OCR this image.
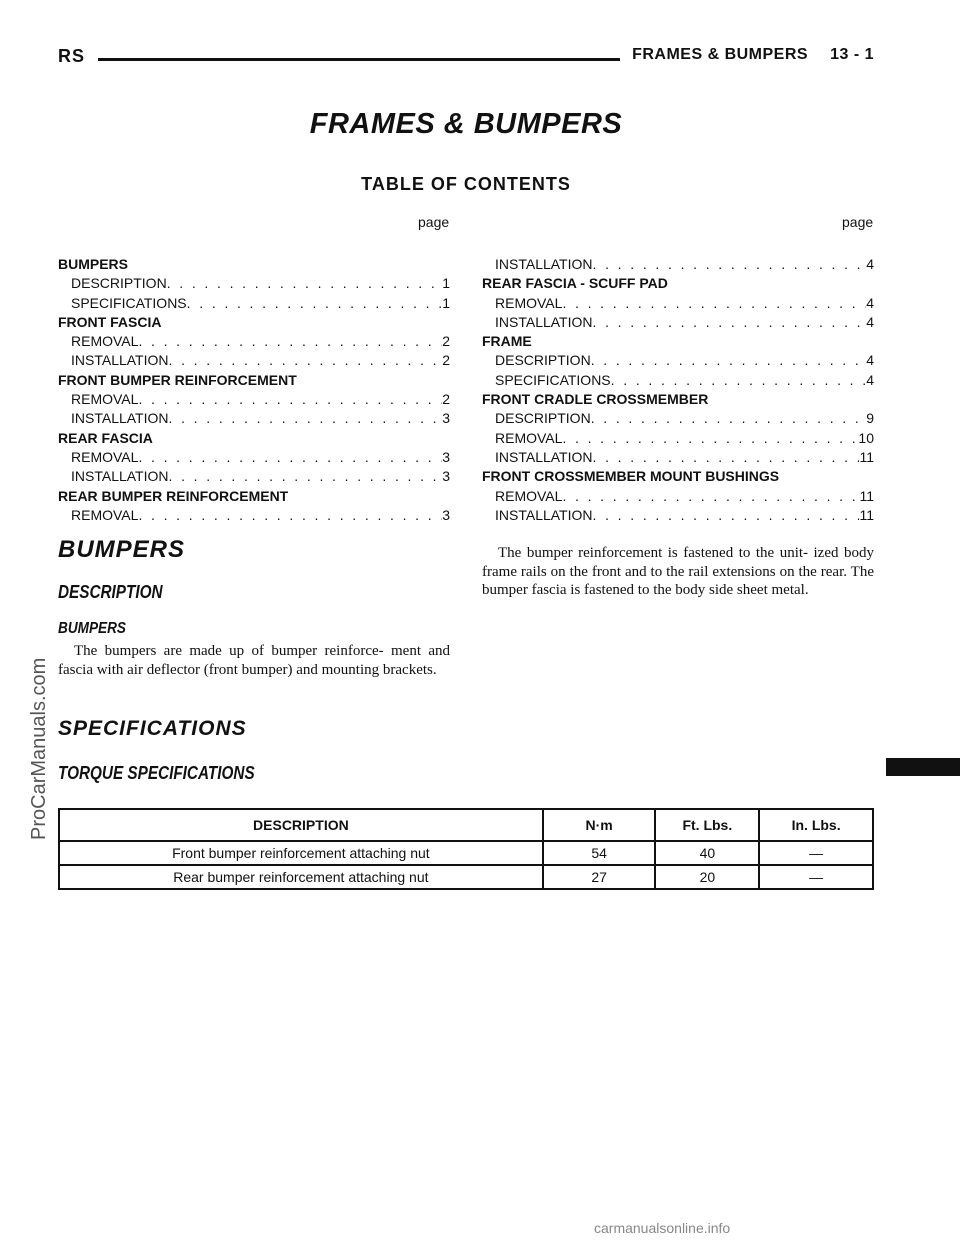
RS	FRAMES & BUMPERS 13 - 1
FRAMES & BUMPERS
TABLE OF CONTENTS
page	page
BUMPERS
DESCRIPTION . . .	1
SPECIFICATIONS . . .	1
FRONT FASCIA
REMOVAL . . .	2
INSTALLATION . . .	2
FRONT BUMPER REINFORCEMENT
REMOVAL . . .	2
INSTALLATION . . .	3
REAR FASCIA
REMOVAL . . .	3
INSTALLATION . . .	3
REAR BUMPER REINFORCEMENT
REMOVAL . . .	3
INSTALLATION . . .	4
REAR FASCIA - SCUFF PAD
REMOVAL . . .	4
INSTALLATION . . .	4
FRAME
DESCRIPTION . . .	4
SPECIFICATIONS . . .	4
FRONT CRADLE CROSSMEMBER
DESCRIPTION . . .	9
REMOVAL . . .	10
INSTALLATION . . .	11
FRONT CROSSMEMBER MOUNT BUSHINGS
REMOVAL . . .	11
INSTALLATION . . .	11
BUMPERS
DESCRIPTION
BUMPERS

The bumpers are made up of bumper reinforce- ment and fascia with air deflector (front bumper) and mounting brackets.

The bumper reinforcement is fastened to the unit- ized body frame rails on the front and to the rail extensions on the rear. The bumper fascia is fastened to the body side sheet metal.

SPECIFICATIONS
TORQUE SPECIFICATIONS
DESCRIPTION	N·m	Ft. Lbs.	In. Lbs.
Front bumper reinforcement attaching nut	54	40	—
Rear bumper reinforcement attaching nut	27	20	—
ProCarManuals.com
carmanualsonline.info
